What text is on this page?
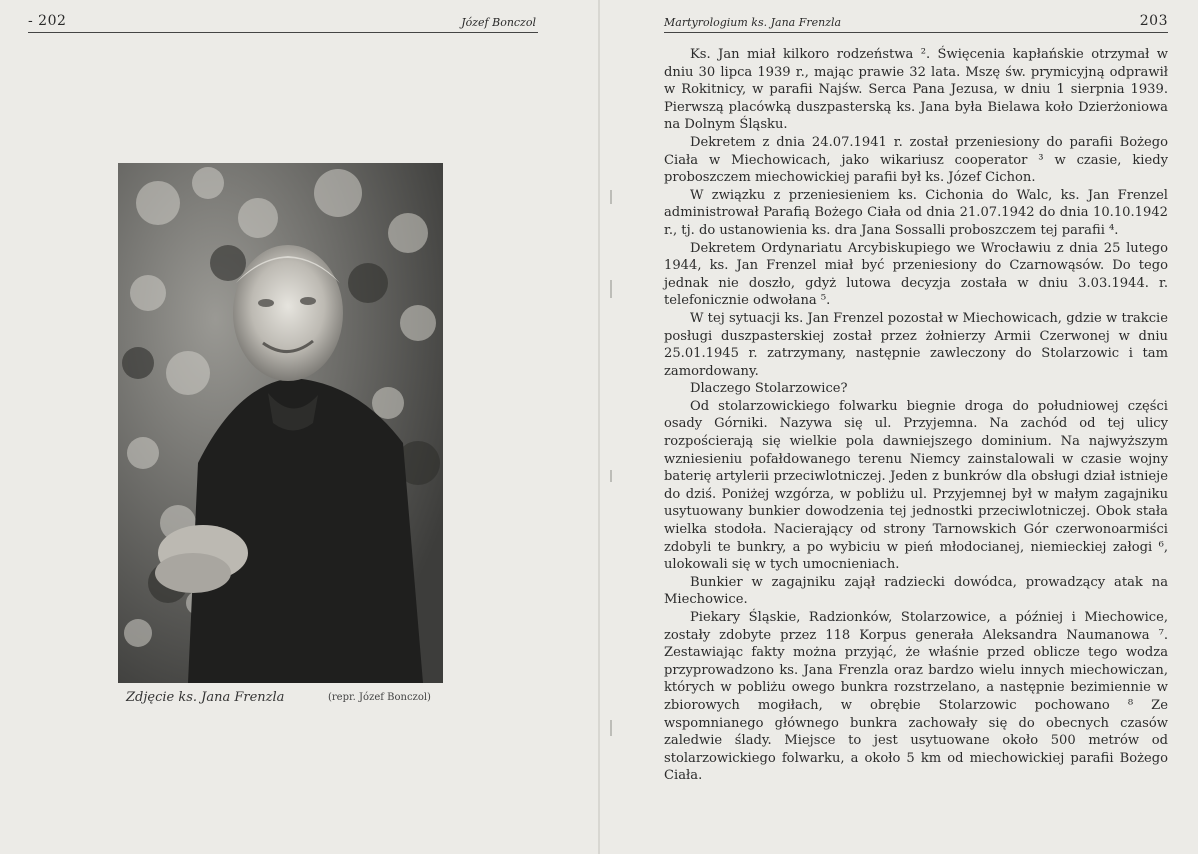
- 202	Józef Bonczol
Zdjęcie ks. Jana Frenzla	(repr. Józef Bonczol)
Martyrologium ks. Jana Frenzla	203

Ks. Jan miał kilkoro rodzeństwa ². Święcenia kapłańskie otrzymał w dniu 30 lipca 1939 r., mając prawie 32 lata. Mszę św. prymicyjną odprawił w Rokitnicy, w parafii Najśw. Serca Pana Jezusa, w dniu 1 sierpnia 1939. Pierwszą placówką duszpasterską ks. Jana była Bielawa koło Dzierżoniowa na Dolnym Śląsku.

Dekretem z dnia 24.07.1941 r. został przeniesiony do parafii Bożego Ciała w Miechowicach, jako wikariusz cooperator ³ w czasie, kiedy proboszczem miechowickiej parafii był ks. Józef Cichon.

W związku z przeniesieniem ks. Cichonia do Walc, ks. Jan Frenzel administrował Parafią Bożego Ciała od dnia 21.07.1942 do dnia 10.10.1942 r., tj. do ustanowienia ks. dra Jana Sossalli proboszczem tej parafii ⁴.

Dekretem Ordynariatu Arcybiskupiego we Wrocławiu z dnia 25 lutego 1944, ks. Jan Frenzel miał być przeniesiony do Czarnowąsów. Do tego jednak nie doszło, gdyż lutowa decyzja została w dniu 3.03.1944. r. telefonicznie odwołana ⁵.

W tej sytuacji ks. Jan Frenzel pozostał w Miechowicach, gdzie w trakcie posługi duszpasterskiej został przez żołnierzy Armii Czerwonej w dniu 25.01.1945 r. zatrzymany, następnie zawleczony do Stolarzowic i tam zamordowany.

Dlaczego Stolarzowice?

Od stolarzowickiego folwarku biegnie droga do południowej części osady Górniki. Nazywa się ul. Przyjemna. Na zachód od tej ulicy rozpościerają się wielkie pola dawniejszego dominium. Na najwyższym wzniesieniu pofałdowanego terenu Niemcy zainstalowali w czasie wojny baterię artylerii przeciwlotniczej. Jeden z bunkrów dla obsługi dział istnieje do dziś. Poniżej wzgórza, w pobliżu ul. Przyjemnej był w małym zagajniku usytuowany bunkier dowodzenia tej jednostki przeciwlotniczej. Obok stała wielka stodoła. Nacierający od strony Tarnowskich Gór czerwonoarmiści zdobyli te bunkry, a po wybiciu w pień młodocianej, niemieckiej załogi ⁶, ulokowali się w tych umocnieniach.

Bunkier w zagajniku zajął radziecki dowódca, prowadzący atak na Miechowice.

Piekary Śląskie, Radzionków, Stolarzowice, a później i Miechowice, zostały zdobyte przez 118 Korpus generała Aleksandra Naumanowa ⁷. Zestawiając fakty można przyjąć, że właśnie przed oblicze tego wodza przyprowadzono ks. Jana Frenzla oraz bardzo wielu innych miechowiczan, których w pobliżu owego bunkra rozstrzelano, a następnie bezimiennie w zbiorowych mogiłach, w obrębie Stolarzowic pochowano ⁸ Ze wspomnianego głównego bunkra zachowały się do obecnych czasów zaledwie ślady. Miejsce to jest usytuowane około 500 metrów od stolarzowickiego folwarku, a około 5 km od miechowickiej parafii Bożego Ciała.
